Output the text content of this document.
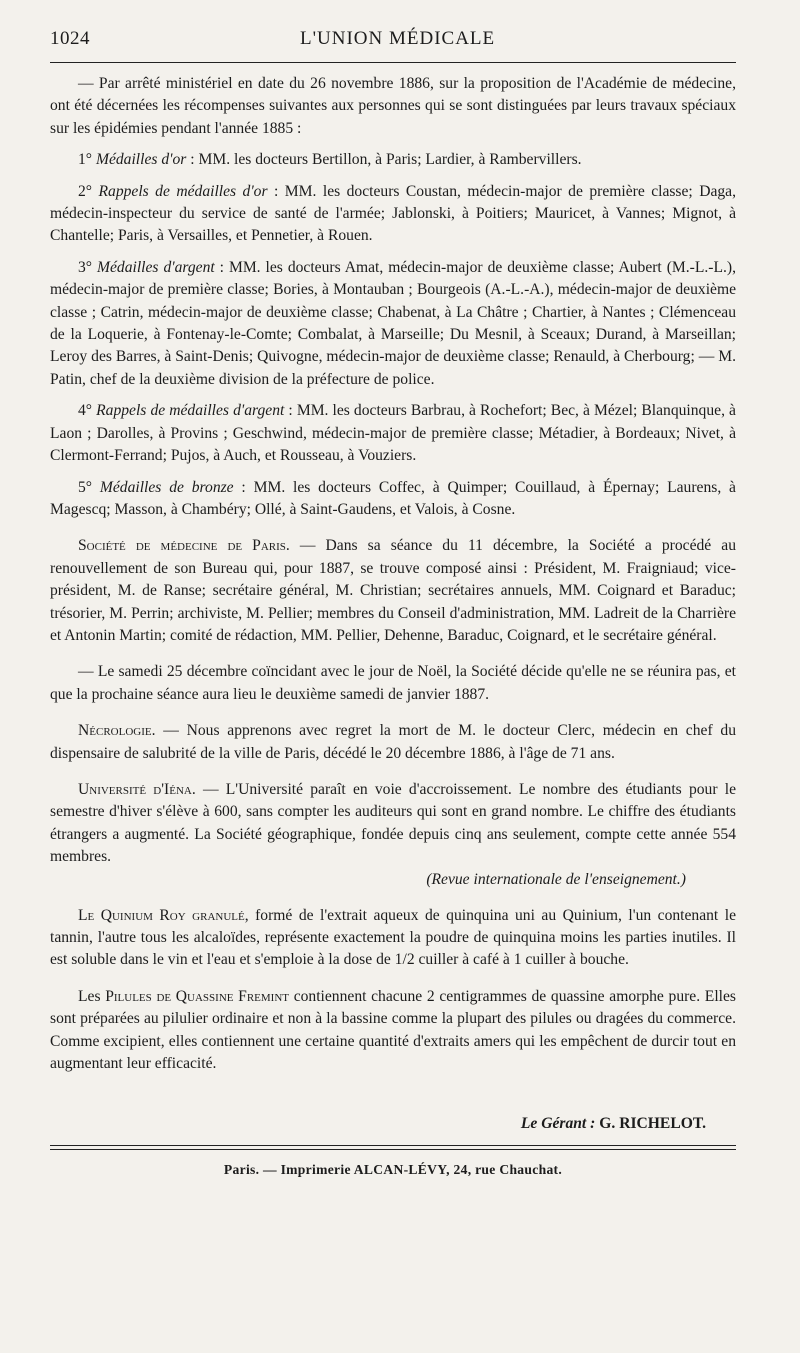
1024	L'UNION MÉDICALE

— Par arrêté ministériel en date du 26 novembre 1886, sur la proposition de l'Académie de médecine, ont été décernées les récompenses suivantes aux personnes qui se sont distinguées par leurs travaux spéciaux sur les épidémies pendant l'année 1885 :

1° Médailles d'or : MM. les docteurs Bertillon, à Paris; Lardier, à Rambervillers.

2° Rappels de médailles d'or : MM. les docteurs Coustan, médecin-major de première classe; Daga, médecin-inspecteur du service de santé de l'armée; Jablonski, à Poitiers; Mauricet, à Vannes; Mignot, à Chantelle; Paris, à Versailles, et Pennetier, à Rouen.

3° Médailles d'argent : MM. les docteurs Amat, médecin-major de deuxième classe; Aubert (M.-L.-L.), médecin-major de première classe; Bories, à Montauban ; Bourgeois (A.-L.-A.), médecin-major de deuxième classe ; Catrin, médecin-major de deuxième classe; Chabenat, à La Châtre ; Chartier, à Nantes ; Clémenceau de la Loquerie, à Fontenay-le-Comte; Combalat, à Marseille; Du Mesnil, à Sceaux; Durand, à Marseillan; Leroy des Barres, à Saint-Denis; Quivogne, médecin-major de deuxième classe; Renauld, à Cherbourg; — M. Patin, chef de la deuxième division de la préfecture de police.

4° Rappels de médailles d'argent : MM. les docteurs Barbrau, à Rochefort; Bec, à Mézel; Blanquinque, à Laon ; Darolles, à Provins ; Geschwind, médecin-major de première classe; Métadier, à Bordeaux; Nivet, à Clermont-Ferrand; Pujos, à Auch, et Rousseau, à Vouziers.

5° Médailles de bronze : MM. les docteurs Coffec, à Quimper; Couillaud, à Épernay; Laurens, à Magescq; Masson, à Chambéry; Ollé, à Saint-Gaudens, et Valois, à Cosne.

Société de médecine de Paris. — Dans sa séance du 11 décembre, la Société a procédé au renouvellement de son Bureau qui, pour 1887, se trouve composé ainsi : Président, M. Fraigniaud; vice-président, M. de Ranse; secrétaire général, M. Christian; secrétaires annuels, MM. Coignard et Baraduc; trésorier, M. Perrin; archiviste, M. Pellier; membres du Conseil d'administration, MM. Ladreit de la Charrière et Antonin Martin; comité de rédaction, MM. Pellier, Dehenne, Baraduc, Coignard, et le secrétaire général.

— Le samedi 25 décembre coïncidant avec le jour de Noël, la Société décide qu'elle ne se réunira pas, et que la prochaine séance aura lieu le deuxième samedi de janvier 1887.

Nécrologie. — Nous apprenons avec regret la mort de M. le docteur Clerc, médecin en chef du dispensaire de salubrité de la ville de Paris, décédé le 20 décembre 1886, à l'âge de 71 ans.

Université d'Iéna. — L'Université paraît en voie d'accroissement. Le nombre des étudiants pour le semestre d'hiver s'élève à 600, sans compter les auditeurs qui sont en grand nombre. Le chiffre des étudiants étrangers a augmenté. La Société géographique, fondée depuis cinq ans seulement, compte cette année 554 membres.

(Revue internationale de l'enseignement.)

Le Quinium Roy granulé, formé de l'extrait aqueux de quinquina uni au Quinium, l'un contenant le tannin, l'autre tous les alcaloïdes, représente exactement la poudre de quinquina moins les parties inutiles. Il est soluble dans le vin et l'eau et s'emploie à la dose de 1/2 cuiller à café à 1 cuiller à bouche.

Les Pilules de Quassine Fremint contiennent chacune 2 centigrammes de quassine amorphe pure. Elles sont préparées au pilulier ordinaire et non à la bassine comme la plupart des pilules ou dragées du commerce. Comme excipient, elles contiennent une certaine quantité d'extraits amers qui les empêchent de durcir tout en augmentant leur efficacité.

Le Gérant : G. RICHELOT.
Paris. — Imprimerie ALCAN-LÉVY, 24, rue Chauchat.
